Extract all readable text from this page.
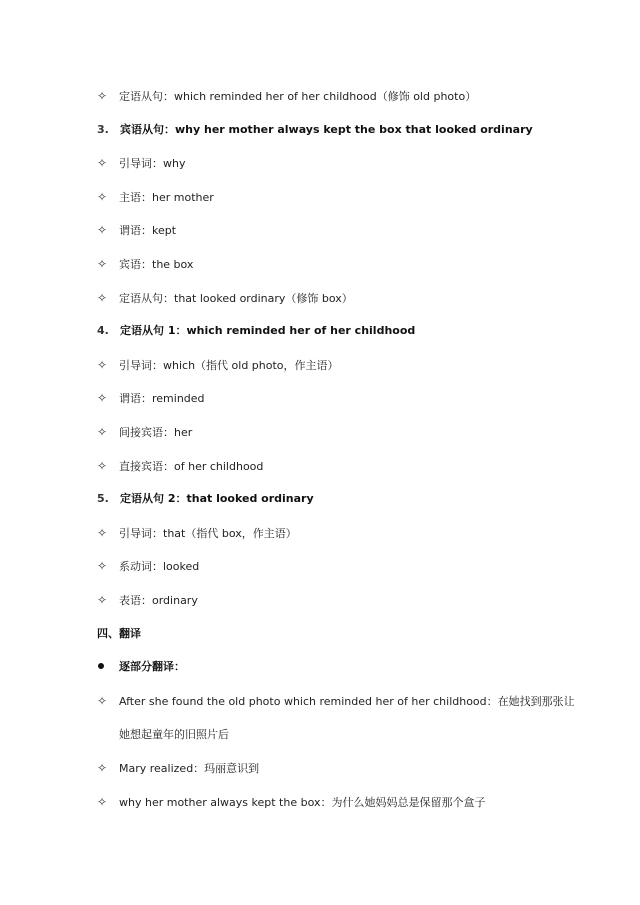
✧ 定语从句：which reminded her of her childhood（修饰 old photo）
3. 宾语从句：why her mother always kept the box that looked ordinary
✧ 引导词：why
✧ 主语：her mother
✧ 谓语：kept
✧ 宾语：the box
✧ 定语从句：that looked ordinary（修饰 box）
4. 定语从句 1：which reminded her of her childhood
✧ 引导词：which（指代 old photo，作主语）
✧ 谓语：reminded
✧ 间接宾语：her
✧ 直接宾语：of her childhood
5. 定语从句 2：that looked ordinary
✧ 引导词：that（指代 box，作主语）
✧ 系动词：looked
✧ 表语：ordinary
四、翻译
逐部分翻译：
✧ After she found the old photo which reminded her of her childhood：在她找到那张让
她想起童年的旧照片后
✧ Mary realized：玛丽意识到
✧ why her mother always kept the box：为什么她妈妈总是保留那个盒子
